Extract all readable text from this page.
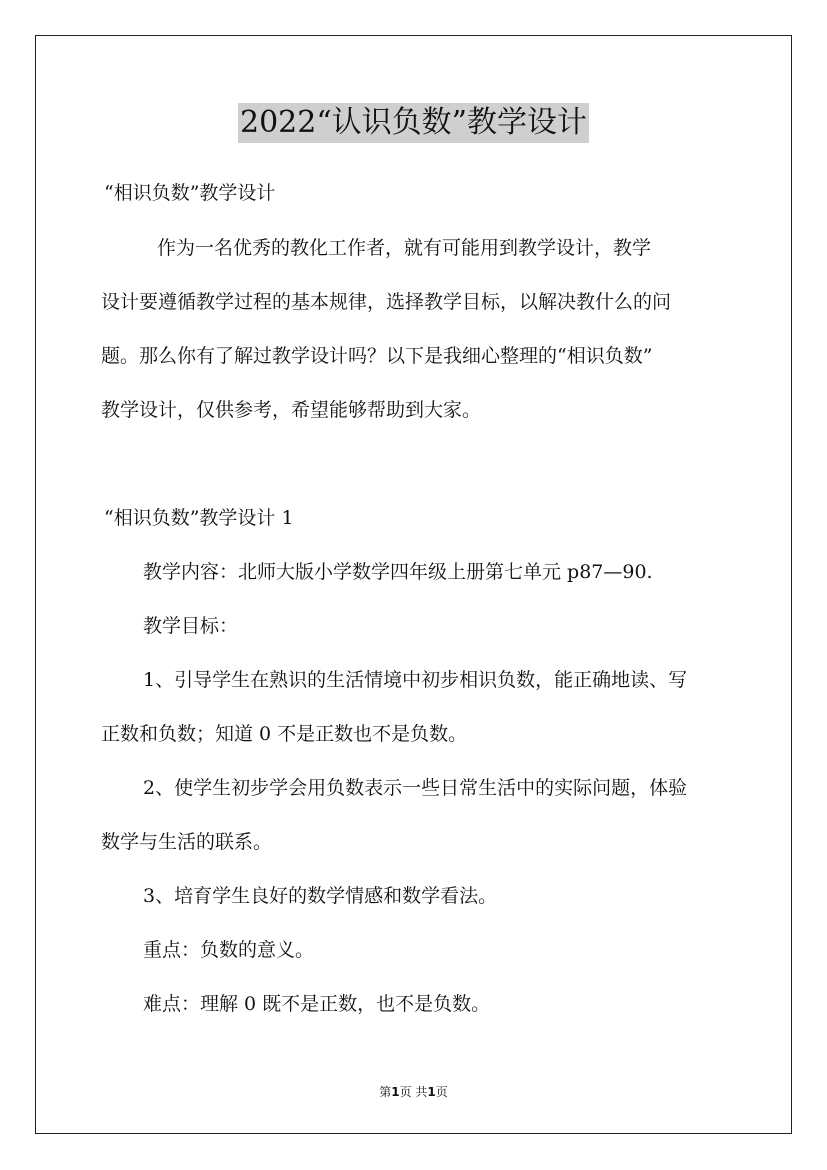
2022“认识负数”教学设计
“相识负数”教学设计
作为一名优秀的教化工作者，就有可能用到教学设计，教学
设计要遵循教学过程的基本规律，选择教学目标，以解决教什么的问
题。那么你有了解过教学设计吗？以下是我细心整理的“相识负数”
教学设计，仅供参考，希望能够帮助到大家。
“相识负数”教学设计 1
教学内容：北师大版小学数学四年级上册第七单元 p87—90.
教学目标：
1、引导学生在熟识的生活情境中初步相识负数，能正确地读、写
正数和负数；知道 0 不是正数也不是负数。
2、使学生初步学会用负数表示一些日常生活中的实际问题，体验
数学与生活的联系。
3、培育学生良好的数学情感和数学看法。
重点：负数的意义。
难点：理解 0 既不是正数，也不是负数。
第1页 共1页
